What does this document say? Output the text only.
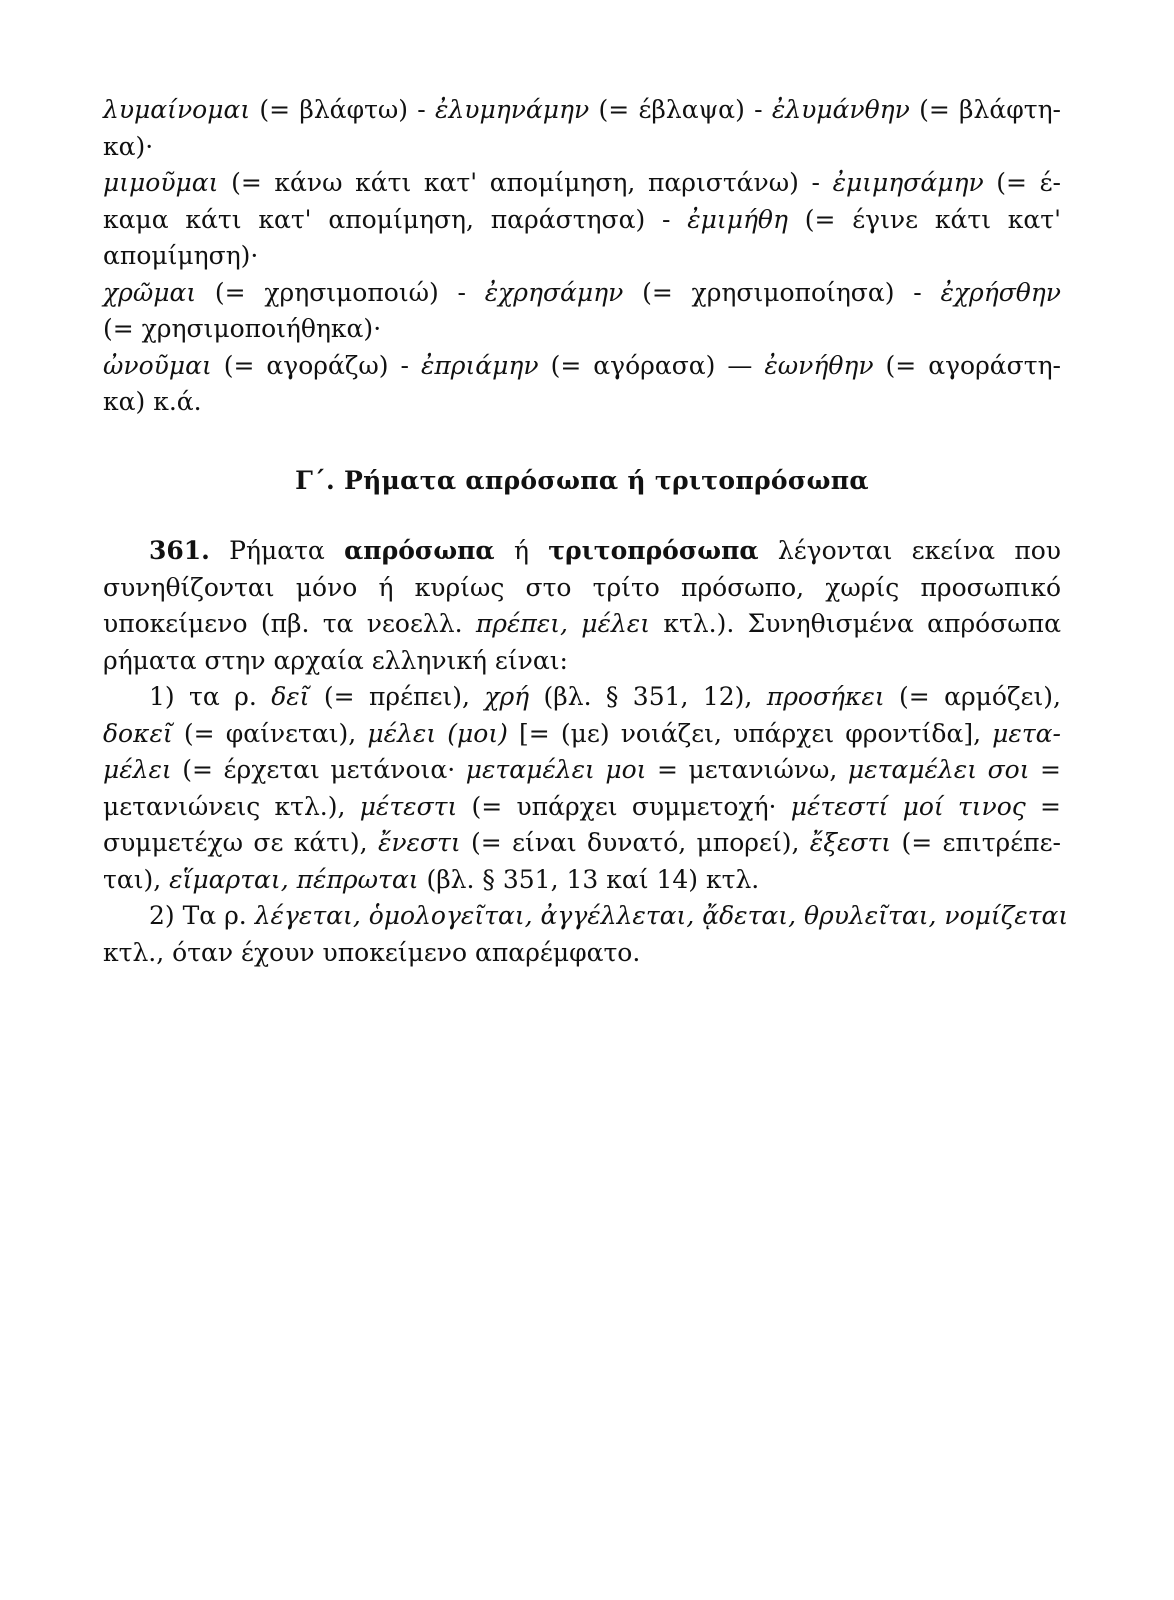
λυμαίνομαι (= βλάφτω) - ἐλυμηνάμην (= έβλαψα) - ἐλυμάνθην (= βλάφτη-
κα)·
μιμοῦμαι (= κάνω κάτι κατ' απομίμηση, παριστάνω) - ἐμιμησάμην (= έ-
καμα κάτι κατ' απομίμηση, παράστησα) - ἐμιμήθη (= έγινε κάτι κατ'
απομίμηση)·
χρῶμαι (= χρησιμοποιώ) - ἐχρησάμην (= χρησιμοποίησα) - ἐχρήσθην
(= χρησιμοποιήθηκα)·
ὠνοῦμαι (= αγοράζω) - ἐπριάμην (= αγόρασα) — ἐωνήθην (= αγοράστη-
κα) κ.ά.
Γ΄. Ρήματα απρόσωπα ή τριτοπρόσωπα
361. Ρήματα απρόσωπα ή τριτοπρόσωπα λέγονται εκείνα που
συνηθίζονται μόνο ή κυρίως στο τρίτο πρόσωπο, χωρίς προσωπικό
υποκείμενο (πβ. τα νεοελλ. πρέπει, μέλει κτλ.). Συνηθισμένα απρόσωπα
ρήματα στην αρχαία ελληνική είναι:
1) τα ρ. δεῖ (= πρέπει), χρή (βλ. § 351, 12), προσήκει (= αρμόζει),
δοκεῖ (= φαίνεται), μέλει (μοι) [= (με) νοιάζει, υπάρχει φροντίδα], μετα-
μέλει (= έρχεται μετάνοια· μεταμέλει μοι = μετανιώνω, μεταμέλει σοι =
μετανιώνεις κτλ.), μέτεστι (= υπάρχει συμμετοχή· μέτεστί μοί τινος =
συμμετέχω σε κάτι), ἔνεστι (= είναι δυνατό, μπορεί), ἔξεστι (= επιτρέπε-
ται), εἵμαρται, πέπρωται (βλ. § 351, 13 καί 14) κτλ.
2) Τα ρ. λέγεται, ὁμολογεῖται, ἀγγέλλεται, ᾄδεται, θρυλεῖται, νομίζεται
κτλ., όταν έχουν υποκείμενο απαρέμφατο.
